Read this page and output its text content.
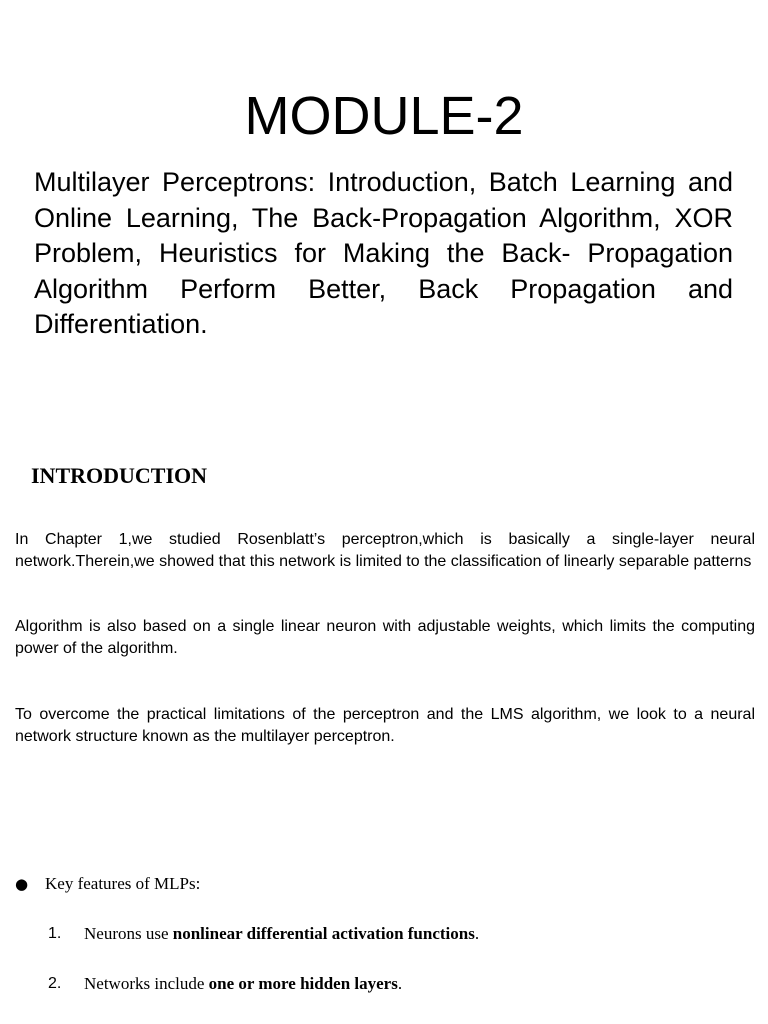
MODULE-2

Multilayer Perceptrons: Introduction, Batch Learning and Online Learning, The Back-Propagation Algorithm, XOR Problem, Heuristics for Making the Back- Propagation Algorithm Perform Better, Back Propagation and Differentiation.

INTRODUCTION

In Chapter 1,we studied Rosenblatt’s perceptron,which is basically a single-layer neural network.Therein,we showed that this network is limited to the classification of linearly separable patterns

Algorithm is also based on a single linear neuron with adjustable weights, which limits the computing power of the algorithm.

To overcome the practical limitations of the perceptron and the LMS algorithm, we look to a neural network structure known as the multilayer perceptron.

● Key features of MLPs:
1. Neurons use nonlinear differential activation functions.
2. Networks include one or more hidden layers.
